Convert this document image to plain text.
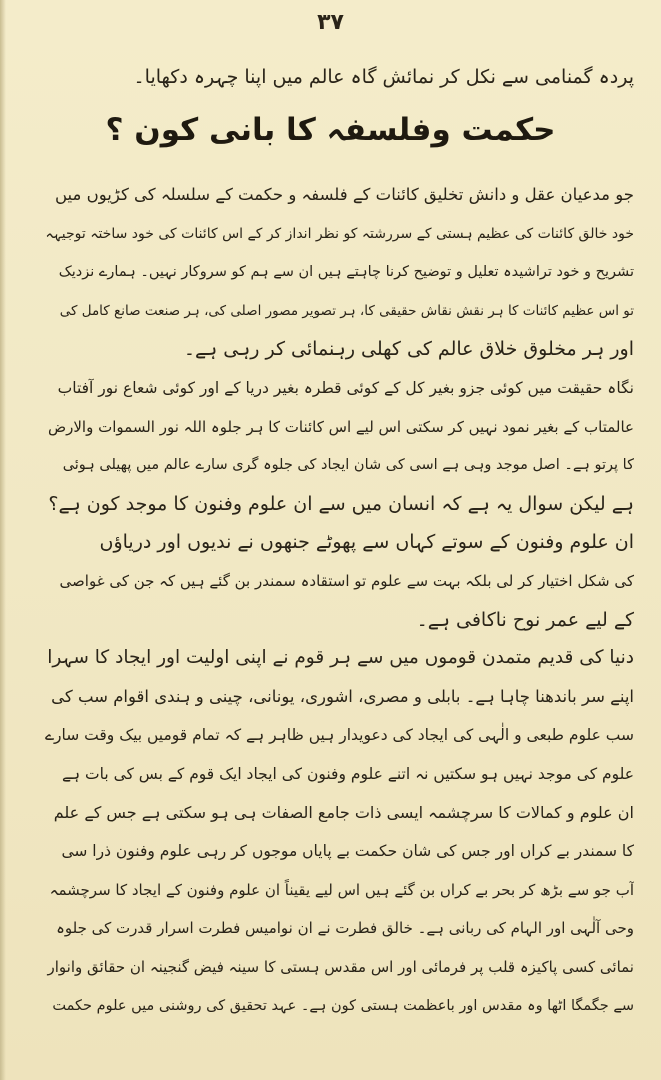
۳۷
پردہ گمنامی سے نکل کر نمائش گاہ عالم میں اپنا چہرہ دکھایا۔
حکمت وفلسفہ کا بانی کون ؟
جو مدعیان عقل و دانش تخلیق کائنات کے فلسفہ و حکمت کے سلسلہ کی کڑیوں میں
خود خالق کائنات کی عظیم ہستی کے سررشتہ کو نظر انداز کر کے اس کائنات کی خود ساختہ توجیہہ
تشریح و خود تراشیدہ تعلیل و توضیح کرنا چاہتے ہیں ان سے ہم کو سروکار نہیں۔ ہمارے نزدیک
تو اس عظیم کائنات کا ہر نقش نقاش حقیقی کا، ہر تصویر مصور اصلی کی، ہر صنعت صانع کامل کی
اور ہر مخلوق خلاق عالم کی کھلی رہنمائی کر رہی ہے۔
نگاہ حقیقت میں کوئی جزو بغیر کل کے کوئی قطرہ بغیر دریا کے اور کوئی شعاع نور آفتاب
عالمتاب کے بغیر نمود نہیں کر سکتی اس لیے اس کائنات کا ہر جلوہ اللہ نور السموات والارض
کا پرتو ہے۔ اصل موجد وہی ہے اسی کی شان ایجاد کی جلوہ گری سارے عالم میں پھیلی ہوئی
ہے لیکن سوال یہ ہے کہ انسان میں سے ان علوم وفنون کا موجد کون ہے؟
ان علوم وفنون کے سوتے کہاں سے پھوٹے جنھوں نے ندیوں اور دریاؤں
کی شکل اختیار کر لی بلکہ بہت سے علوم تو استقادہ سمندر بن گئے ہیں کہ جن کی غواصی
کے لیے عمر نوح ناکافی ہے۔
دنیا کی قدیم متمدن قوموں میں سے ہر قوم نے اپنی اولیت اور ایجاد کا سہرا
اپنے سر باندھنا چاہا ہے۔ بابلی و مصری، اشوری، یونانی، چینی و ہندی اقوام سب کی
سب علوم طبعی و الٰہی کی ایجاد کی دعویدار ہیں ظاہر ہے کہ تمام قومیں بیک وقت سارے
علوم کی موجد نہیں ہو سکتیں نہ اتنے علوم وفنون کی ایجاد ایک قوم کے بس کی بات ہے
ان علوم و کمالات کا سرچشمہ ایسی ذات جامع الصفات ہی ہو سکتی ہے جس کے علم
کا سمندر بے کراں اور جس کی شان حکمت بے پایاں موجوں کر رہی علوم وفنون ذرا سی
آب جو سے بڑھ کر بحر بے کراں بن گئے ہیں اس لیے یقیناً ان علوم وفنون کے ایجاد کا سرچشمہ
وحی آلٰہی اور الہام کی ربانی ہے۔ خالق فطرت نے ان نوامیس فطرت اسرار قدرت کی جلوہ
نمائی کسی پاکیزہ قلب پر فرمائی اور اس مقدس ہستی کا سینہ فیض گنجینہ ان حقائق وانوار
سے جگمگا اٹھا وہ مقدس اور باعظمت ہستی کون ہے۔ عہد تحقیق کی روشنی میں علوم حکمت
